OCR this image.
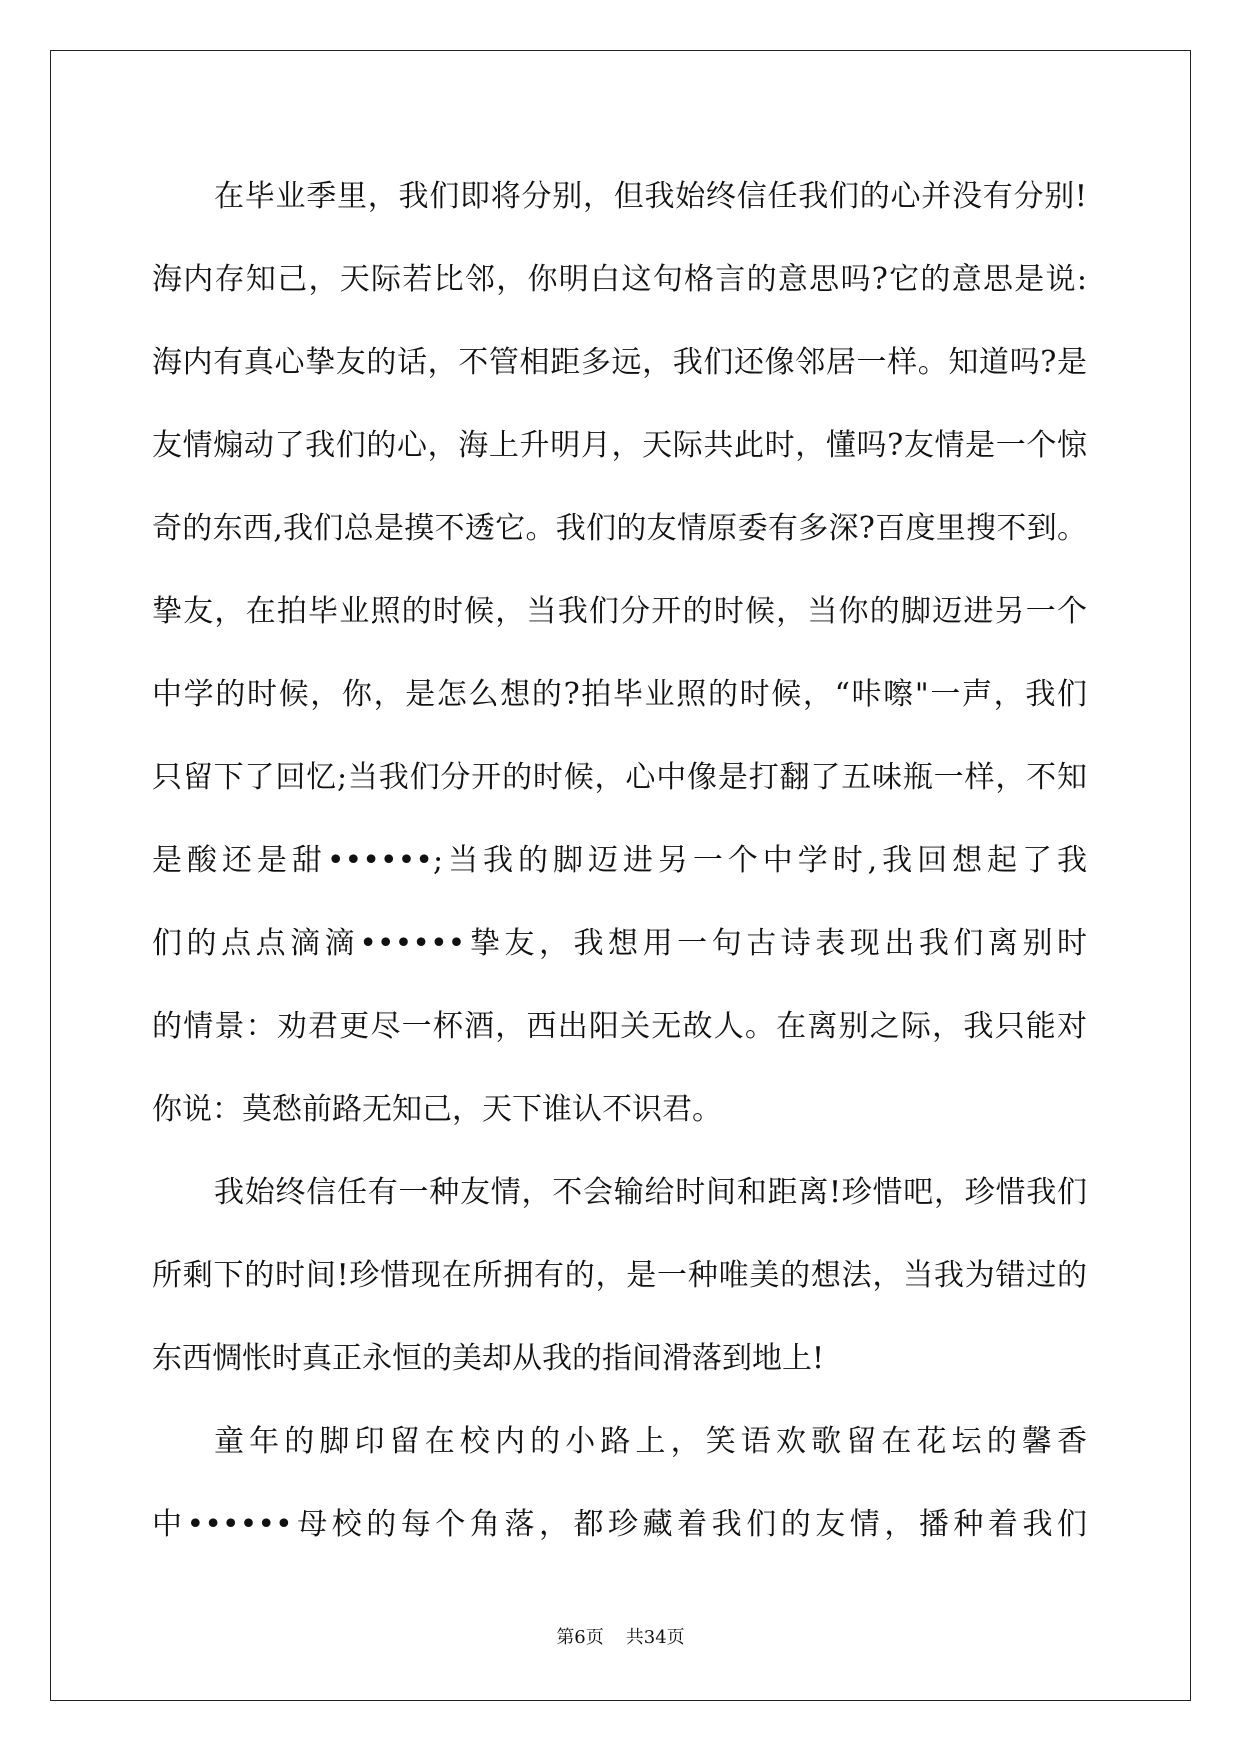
在毕业季里，我们即将分别，但我始终信任我们的心并没有分别!
海内存知己，天际若比邻，你明白这句格言的意思吗?它的意思是说:
海内有真心挚友的话，不管相距多远，我们还像邻居一样。知道吗?是
友情煽动了我们的心，海上升明月，天际共此时，懂吗?友情是一个惊
奇的东西,我们总是摸不透它。我们的友情原委有多深?百度里搜不到。
挚友，在拍毕业照的时候，当我们分开的时候，当你的脚迈进另一个
中学的时候，你，是怎么想的?拍毕业照的时候，“咔嚓"一声，我们
只留下了回忆;当我们分开的时候，心中像是打翻了五味瓶一样，不知
是酸还是甜••••••;当我的脚迈进另一个中学时,我回想起了我
们的点点滴滴••••••挚友，我想用一句古诗表现出我们离别时
的情景：劝君更尽一杯酒，西出阳关无故人。在离别之际，我只能对
你说：莫愁前路无知己，天下谁认不识君。
我始终信任有一种友情，不会输给时间和距离!珍惜吧，珍惜我们
所剩下的时间!珍惜现在所拥有的，是一种唯美的想法，当我为错过的
东西惆怅时真正永恒的美却从我的指间滑落到地上!
童年的脚印留在校内的小路上，笑语欢歌留在花坛的馨香
中••••••母校的每个角落，都珍藏着我们的友情，播种着我们
第6页 共34页
